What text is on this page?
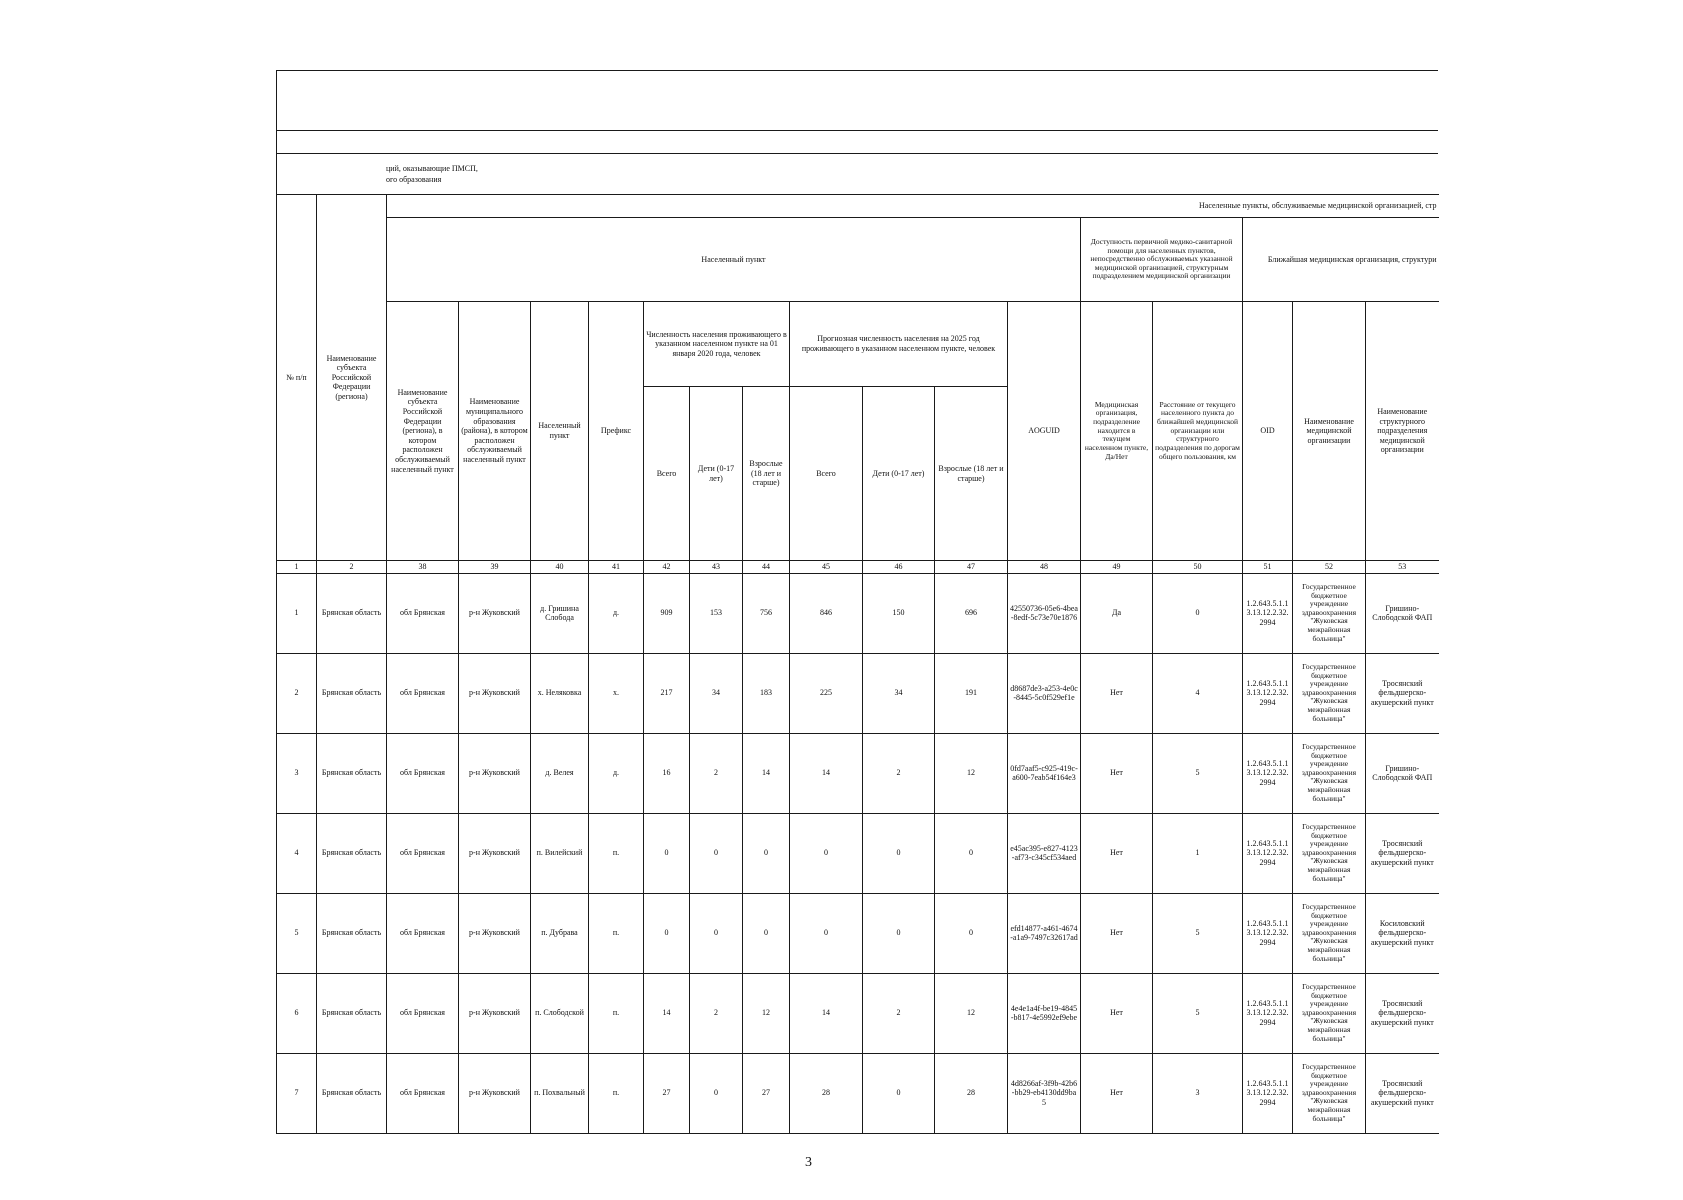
ций, оказывающие ПМСП,
ого образования
№ п/п	Наименование субъекта Российской Федерации (региона)	Населенные пункты, обслуживаемые медицинской организацией, стр															
		Населенный пункт											Доступность первичной медико-санитарной помощи для населенных пунктов, непосредственно обслуживаемых указанной медицинской организацией, структурным подразделением медицинской организации		Ближайшая медицинская организация, структури		
		Наименование субъекта Российской Федерации (региона), в котором расположен обслуживаемый населенный пункт	Наименование муниципального образования (района), в котором расположен обслуживаемый населенный пункт	Населенный пункт	Префикс	Численность населения проживающего в указанном населенном пункте на 01 января 2020 года, человек			Прогнозная численность населения на 2025 год проживающего в указанном населенном пункте, человек			AOGUID	Медицинская организация, подразделение находится в текущем населенном пункте, Да/Нет	Расстояние от текущего населенного пункта до ближайшей медицинской организации или структурного подразделения по дорогам общего пользования, км	OID	Наименование медицинской организации	Наименование структурного подразделения медицинской организации
						Всего	Дети (0-17 лет)	Взрослые (18 лет и старше)	Всего	Дети (0-17 лет)	Взрослые (18 лет и старше)						

1	2	38	39	40	41	42	43	44	45	46	47	48	49	50	51	52	53
1	Брянская область	обл Брянская	р-н Жуковский	д. Гришина Слобода	д.	909	153	756	846	150	696	42550736-05e6-4bea-8edf-5c73e70e1876	Да	0	1.2.643.5.1.13.13.12.2.32.2994	Государственное бюджетное учреждение здравоохранения "Жуковская межрайонная больница"	Гришино-Слободской ФАП
2	Брянская область	обл Брянская	р-н Жуковский	х. Неляковка	х.	217	34	183	225	34	191	d8687de3-a253-4e0c-8445-5c0f529ef1e	Нет	4	1.2.643.5.1.13.13.12.2.32.2994	Государственное бюджетное учреждение здравоохранения "Жуковская межрайонная больница"	Тросянский фельдшерско-акушерский пункт
3	Брянская область	обл Брянская	р-н Жуковский	д. Велея	д.	16	2	14	14	2	12	0fd7aaf5-c925-419c-a600-7eab54f164e3	Нет	5	1.2.643.5.1.13.13.12.2.32.2994	Государственное бюджетное учреждение здравоохранения "Жуковская межрайонная больница"	Гришино-Слободской ФАП
4	Брянская область	обл Брянская	р-н Жуковский	п. Вилейский	п.	0	0	0	0	0	0	e45ac395-e827-4123-af73-c345cf534aed	Нет	1	1.2.643.5.1.13.13.12.2.32.2994	Государственное бюджетное учреждение здравоохранения "Жуковская межрайонная больница"	Тросянский фельдшерско-акушерский пункт
5	Брянская область	обл Брянская	р-н Жуковский	п. Дубрава	п.	0	0	0	0	0	0	efd14877-a461-4674-a1a9-7497c32617ad	Нет	5	1.2.643.5.1.13.13.12.2.32.2994	Государственное бюджетное учреждение здравоохранения "Жуковская межрайонная больница"	Косиловский фельдшерско-акушерский пункт
6	Брянская область	обл Брянская	р-н Жуковский	п. Слободской	п.	14	2	12	14	2	12	4e4e1a4f-be19-4845-b817-4e5992ef9ebe	Нет	5	1.2.643.5.1.13.13.12.2.32.2994	Государственное бюджетное учреждение здравоохранения "Жуковская межрайонная больница"	Тросянский фельдшерско-акушерский пункт
7	Брянская область	обл Брянская	р-н Жуковский	п. Похвальный	п.	27	0	27	28	0	28	4d8266af-3f9b-42b6-bb29-eb4130dd9ba5	Нет	3	1.2.643.5.1.13.13.12.2.32.2994	Государственное бюджетное учреждение здравоохранения "Жуковская межрайонная больница"	Тросянский фельдшерско-акушерский пункт
3
